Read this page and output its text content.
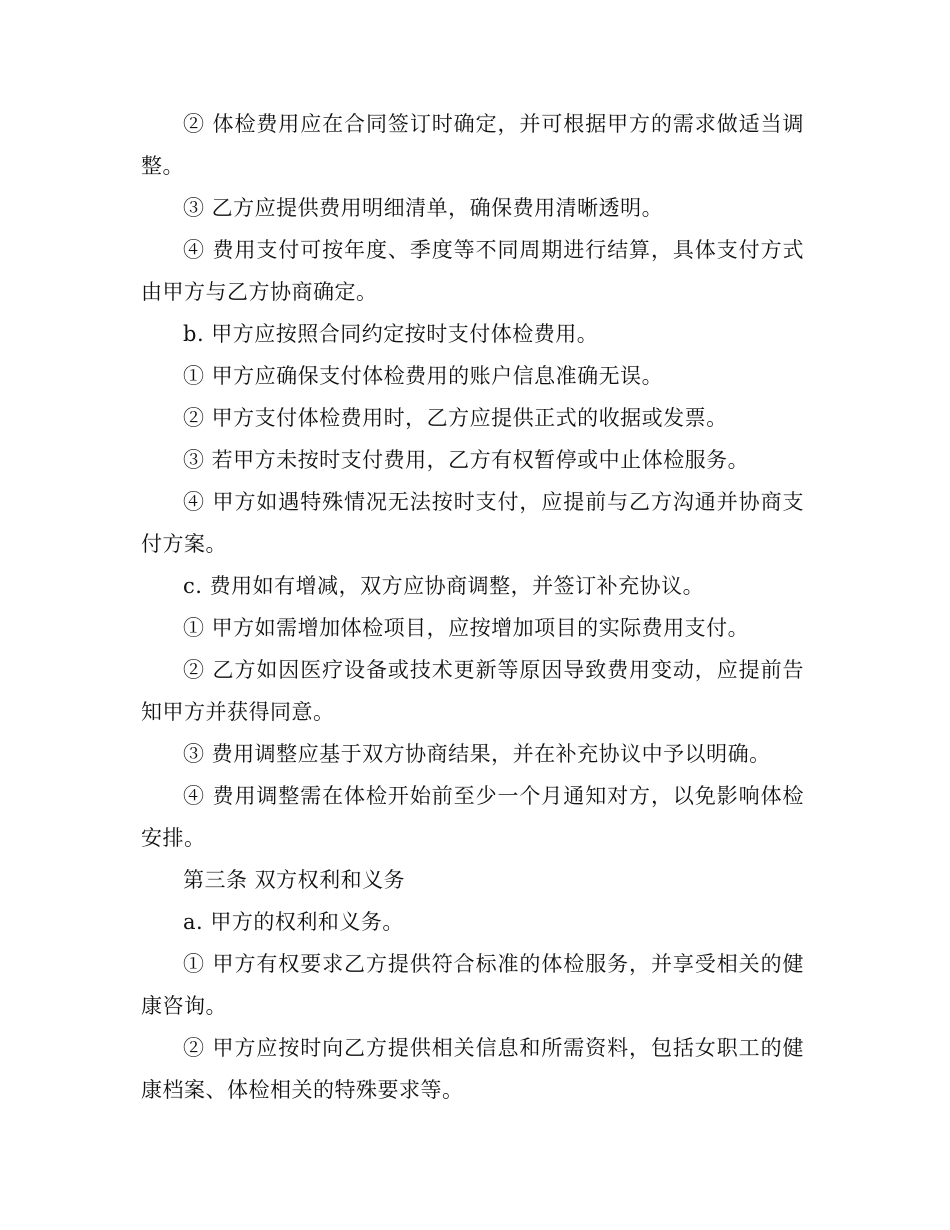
② 体检费用应在合同签订时确定，并可根据甲方的需求做适当调整。

③ 乙方应提供费用明细清单，确保费用清晰透明。

④ 费用支付可按年度、季度等不同周期进行结算，具体支付方式由甲方与乙方协商确定。

b. 甲方应按照合同约定按时支付体检费用。

① 甲方应确保支付体检费用的账户信息准确无误。

② 甲方支付体检费用时，乙方应提供正式的收据或发票。

③ 若甲方未按时支付费用，乙方有权暂停或中止体检服务。

④ 甲方如遇特殊情况无法按时支付，应提前与乙方沟通并协商支付方案。

c. 费用如有增减，双方应协商调整，并签订补充协议。

① 甲方如需增加体检项目，应按增加项目的实际费用支付。

② 乙方如因医疗设备或技术更新等原因导致费用变动，应提前告知甲方并获得同意。

③ 费用调整应基于双方协商结果，并在补充协议中予以明确。

④ 费用调整需在体检开始前至少一个月通知对方，以免影响体检安排。

第三条 双方权利和义务

a. 甲方的权利和义务。

① 甲方有权要求乙方提供符合标准的体检服务，并享受相关的健康咨询。

② 甲方应按时向乙方提供相关信息和所需资料，包括女职工的健康档案、体检相关的特殊要求等。
